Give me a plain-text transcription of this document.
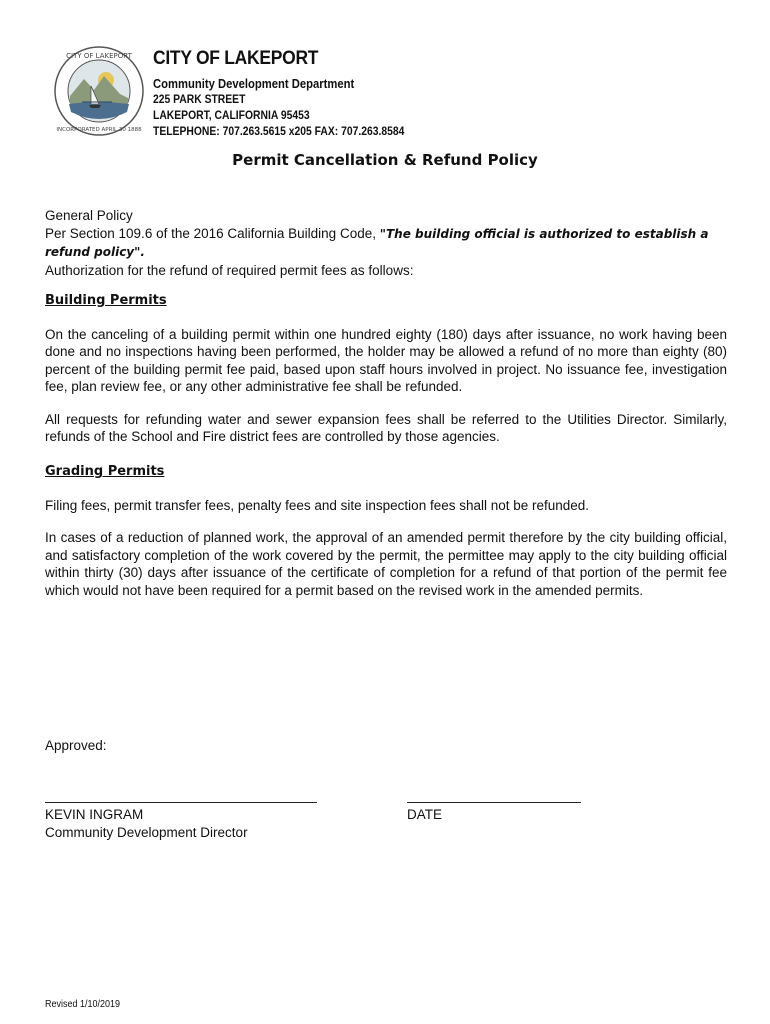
CITY OF LAKEPORT
INCORPORATED APRIL 30 1888
CITY OF LAKEPORT
Community Development Department
225 PARK STREET
LAKEPORT, CALIFORNIA 95453
TELEPHONE: 707.263.5615 x205 FAX: 707.263.8584
Permit Cancellation & Refund Policy
General Policy
Per Section 109.6 of the 2016 California Building Code, "The building official is authorized to establish a refund policy".
Authorization for the refund of required permit fees as follows:
Building Permits

On the canceling of a building permit within one hundred eighty (180) days after issuance, no work having been done and no inspections having been performed, the holder may be allowed a refund of no more than eighty (80) percent of the building permit fee paid, based upon staff hours involved in project. No issuance fee, investigation fee, plan review fee, or any other administrative fee shall be refunded.

All requests for refunding water and sewer expansion fees shall be referred to the Utilities Director. Similarly, refunds of the School and Fire district fees are controlled by those agencies.

Grading Permits

Filing fees, permit transfer fees, penalty fees and site inspection fees shall not be refunded.

In cases of a reduction of planned work, the approval of an amended permit therefore by the city building official, and satisfactory completion of the work covered by the permit, the permittee may apply to the city building official within thirty (30) days after issuance of the certificate of completion for a refund of that portion of the permit fee which would not have been required for a permit based on the revised work in the amended permits.

Approved:
KEVIN INGRAM
Community Development Director
DATE
Revised 1/10/2019
